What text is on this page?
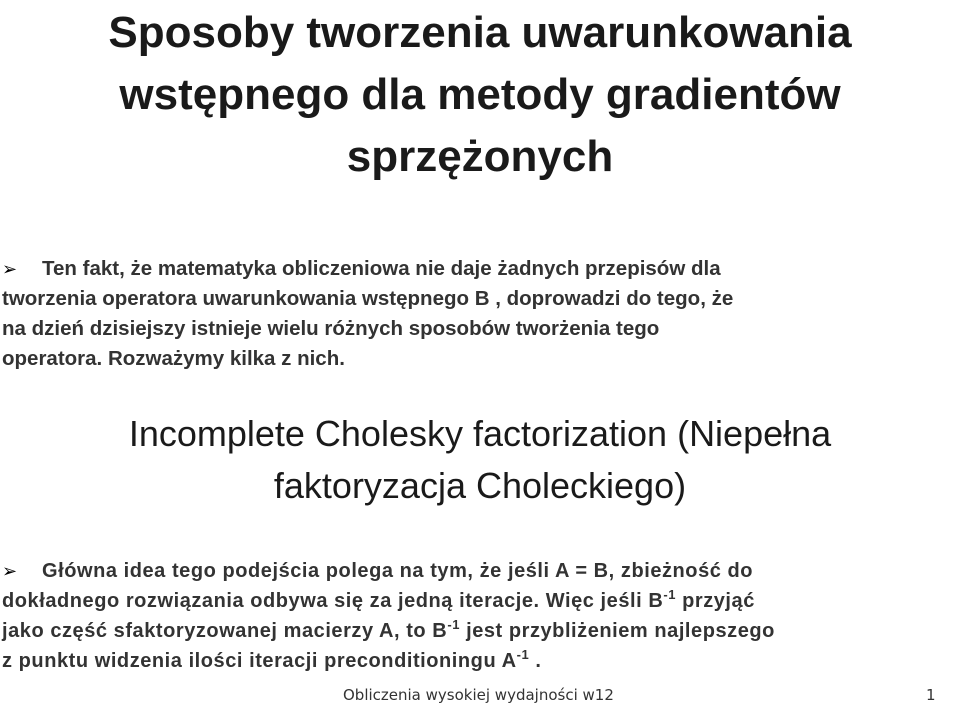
Sposoby tworzenia uwarunkowania
wstępnego dla metody gradientów
sprzężonych
➢ Ten fakt, że matematyka obliczeniowa nie daje żadnych przepisów dla
tworzenia operatora uwarunkowania wstępnego B , doprowadzi do tego, że
na dzień dzisiejszy istnieje wielu różnych sposobów tworżenia tego
operatora. Rozważymy kilka z nich.
Incomplete Cholesky factorization (Niepełna
faktoryzacja Choleckiego)
➢ Główna idea tego podejścia polega na tym, że jeśli A = B, zbieżność do
dokładnego rozwiązania odbywa się za jedną iteracje. Więc jeśli $B^{-1}$ przyjąć
jako część sfaktoryzowanej macierzy A, to $B^{-1}$ jest przybliżeniem najlepszego
z punktu widzenia ilości iteracji preconditioningu $A^{-1}$ .
Obliczenia wysokiej wydajności w12	1
